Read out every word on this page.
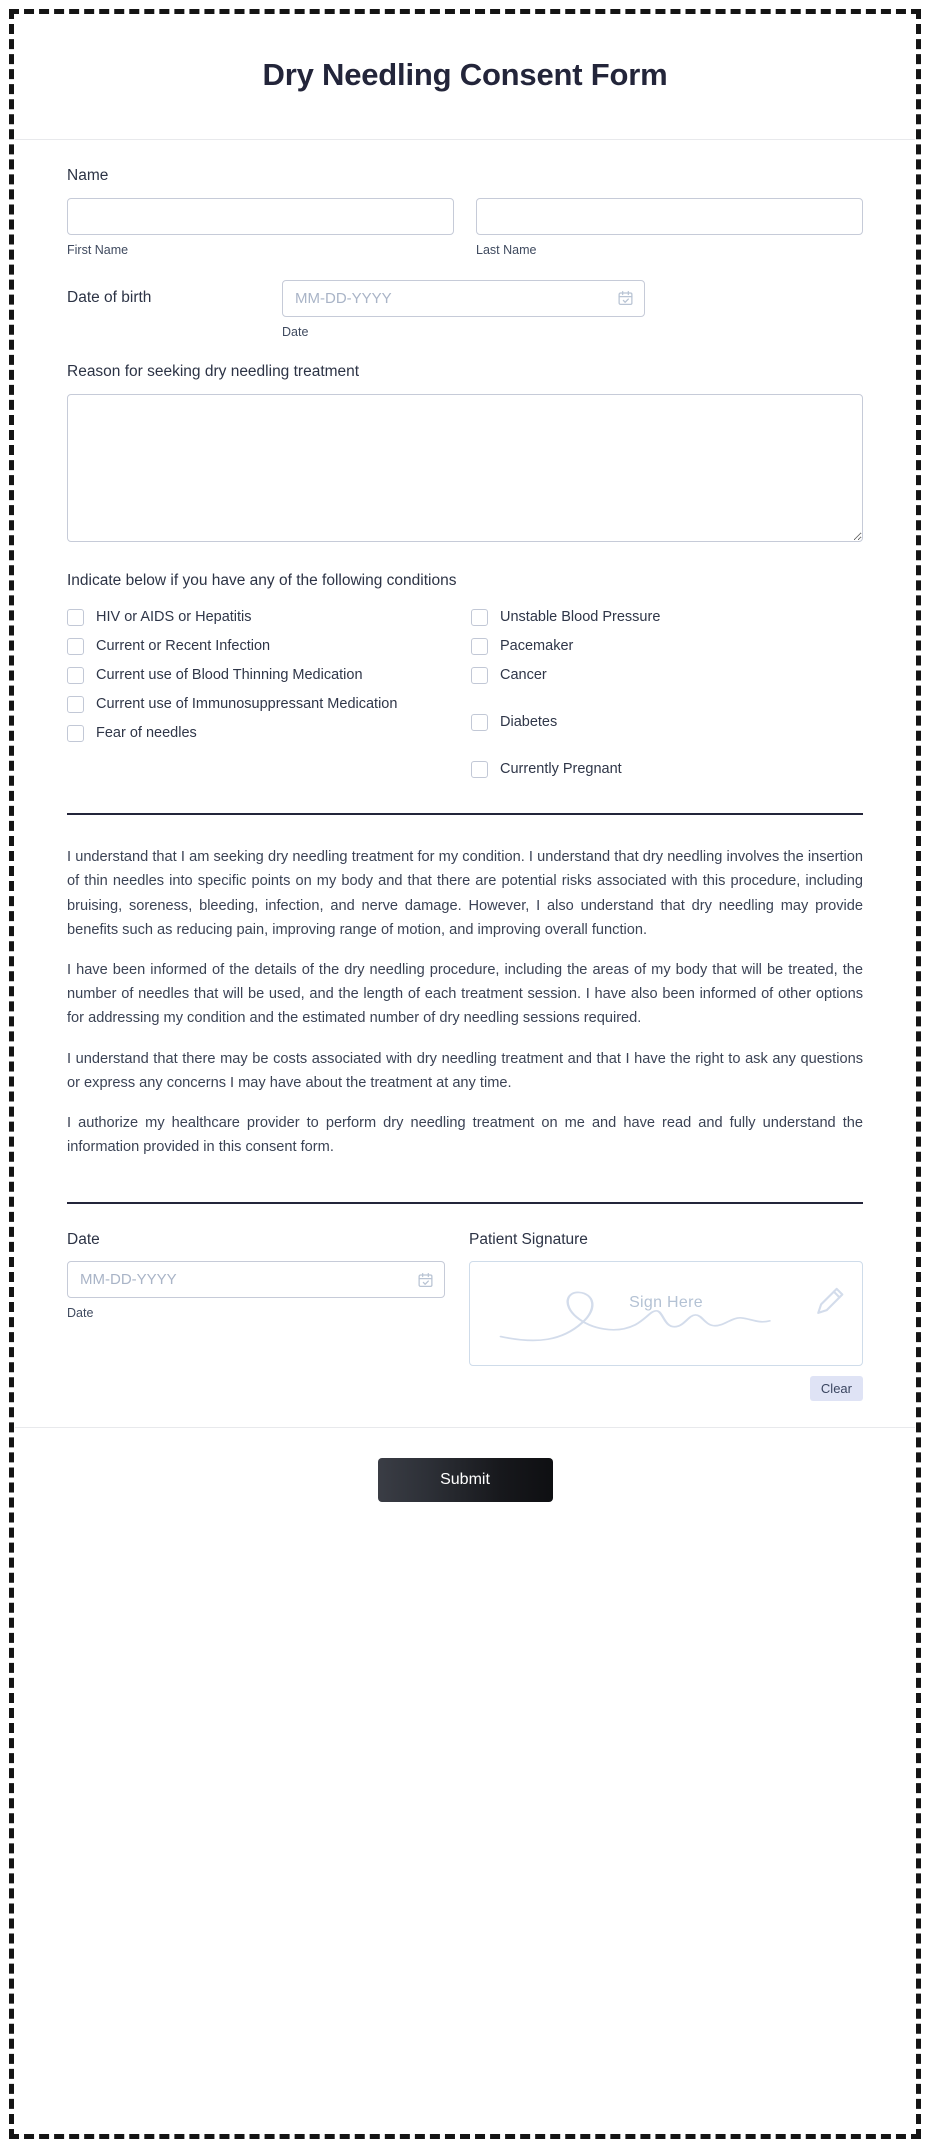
Dry Needling Consent Form
Name
First Name	Last Name
Date of birth
MM-DD-YYYY
Date
Reason for seeking dry needling treatment
Indicate below if you have any of the following conditions
HIV or AIDS or Hepatitis
Current or Recent Infection
Current use of Blood Thinning Medication
Current use of Immunosuppressant Medication
Fear of needles
Unstable Blood Pressure
Pacemaker
Cancer
Diabetes
Currently Pregnant

I understand that I am seeking dry needling treatment for my condition. I understand that dry needling involves the insertion of thin needles into specific points on my body and that there are potential risks associated with this procedure, including bruising, soreness, bleeding, infection, and nerve damage. However, I also understand that dry needling may provide benefits such as reducing pain, improving range of motion, and improving overall function.

I have been informed of the details of the dry needling procedure, including the areas of my body that will be treated, the number of needles that will be used, and the length of each treatment session. I have also been informed of other options for addressing my condition and the estimated number of dry needling sessions required.

I understand that there may be costs associated with dry needling treatment and that I have the right to ask any questions or express any concerns I may have about the treatment at any time.

I authorize my healthcare provider to perform dry needling treatment on me and have read and fully understand the information provided in this consent form.

Date
MM-DD-YYYY
Date
Patient Signature
Sign Here
Clear
Submit
